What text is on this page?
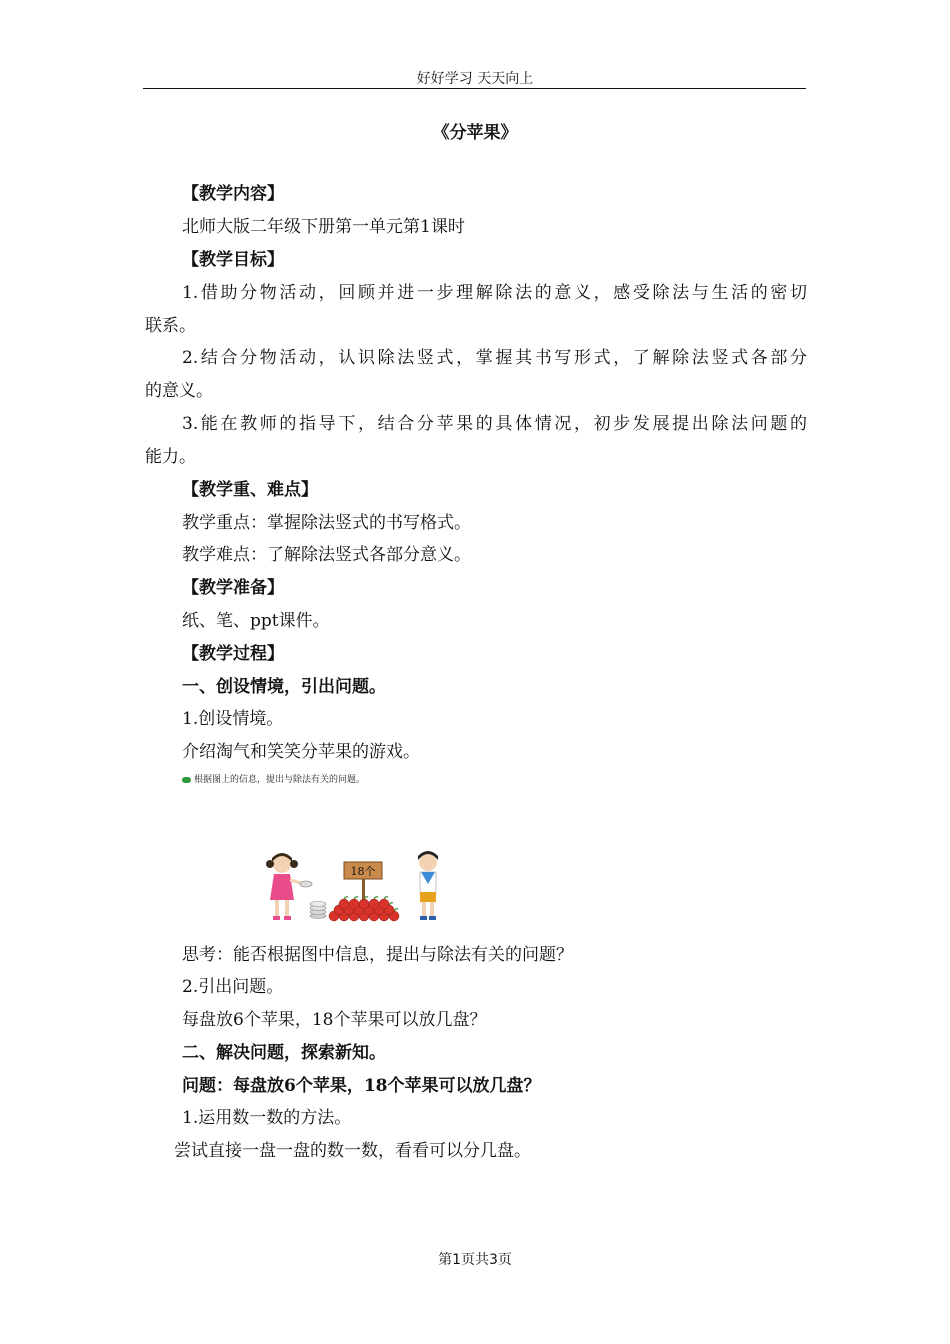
好好学习 天天向上
《分苹果》
【教学内容】
北师大版二年级下册第一单元第1课时
【教学目标】
1.借助分物活动，回顾并进一步理解除法的意义，感受除法与生活的密切
联系。
2.结合分物活动，认识除法竖式，掌握其书写形式，了解除法竖式各部分
的意义。
3.能在教师的指导下，结合分苹果的具体情况，初步发展提出除法问题的
能力。
【教学重、难点】
教学重点：掌握除法竖式的书写格式。
教学难点：了解除法竖式各部分意义。
【教学准备】
纸、笔、ppt课件。
【教学过程】
一、创设情境，引出问题。
1.创设情境。
介绍淘气和笑笑分苹果的游戏。
根据图上的信息，提出与除法有关的问题。
18个
思考：能否根据图中信息，提出与除法有关的问题？
2.引出问题。
每盘放6个苹果，18个苹果可以放几盘？
二、解决问题，探索新知。
问题：每盘放6个苹果，18个苹果可以放几盘？
1.运用数一数的方法。
尝试直接一盘一盘的数一数，看看可以分几盘。
第1页共3页
